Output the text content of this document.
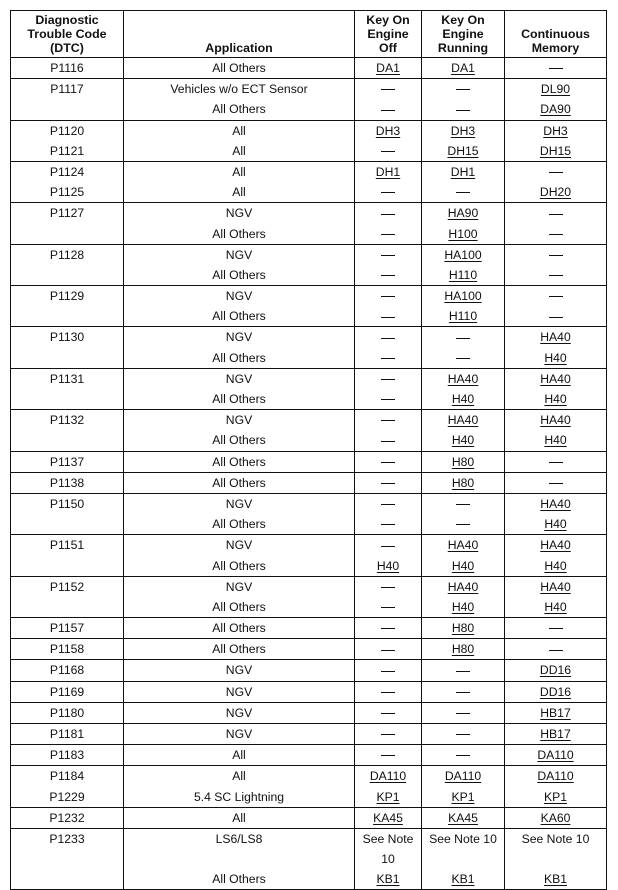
Diagnostic Trouble Code (DTC)	Application	Key On Engine Off	Key On Engine Running	Continuous Memory
P1116	All Others	DA1	DA1	
P1117	Vehicles w/o ECT Sensor			DL90
	All Others			DA90
P1120	All	DH3	DH3	DH3
P1121	All		DH15	DH15
P1124	All	DH1	DH1	
P1125	All			DH20
P1127	NGV		HA90	
	All Others		H100	
P1128	NGV		HA100	
	All Others		H110	
P1129	NGV		HA100	
	All Others		H110	
P1130	NGV			HA40
	All Others			H40
P1131	NGV		HA40	HA40
	All Others		H40	H40
P1132	NGV		HA40	HA40
	All Others		H40	H40
P1137	All Others		H80	
P1138	All Others		H80	
P1150	NGV			HA40
	All Others			H40
P1151	NGV		HA40	HA40
	All Others	H40	H40	H40
P1152	NGV		HA40	HA40
	All Others		H40	H40
P1157	All Others		H80	
P1158	All Others		H80	
P1168	NGV			DD16
P1169	NGV			DD16
P1180	NGV			HB17
P1181	NGV			HB17
P1183	All			DA110
P1184	All	DA110	DA110	DA110
P1229	5.4 SC Lightning	KP1	KP1	KP1
P1232	All	KA45	KA45	KA60
P1233	LS6/LS8	See Note 10	See Note 10	See Note 10
	All Others	KB1	KB1	KB1
